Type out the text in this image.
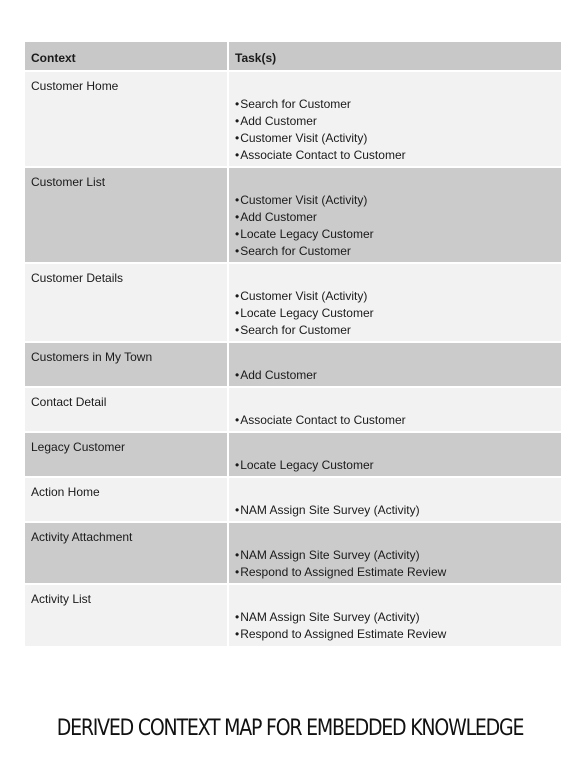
Context	Task(s)
Customer Home
• Search for Customer
• Add Customer
• Customer Visit (Activity)
• Associate Contact to Customer
Customer List
• Customer Visit (Activity)
• Add Customer
• Locate Legacy Customer
• Search for Customer
Customer Details
• Customer Visit (Activity)
• Locate Legacy Customer
• Search for Customer
Customers in My Town
• Add Customer
Contact Detail
• Associate Contact to Customer
Legacy Customer
• Locate Legacy Customer
Action Home
• NAM Assign Site Survey (Activity)
Activity Attachment
• NAM Assign Site Survey (Activity)
• Respond to Assigned Estimate Review
Activity List
• NAM Assign Site Survey (Activity)
• Respond to Assigned Estimate Review
DERIVED CONTEXT MAP FOR EMBEDDED KNOWLEDGE
